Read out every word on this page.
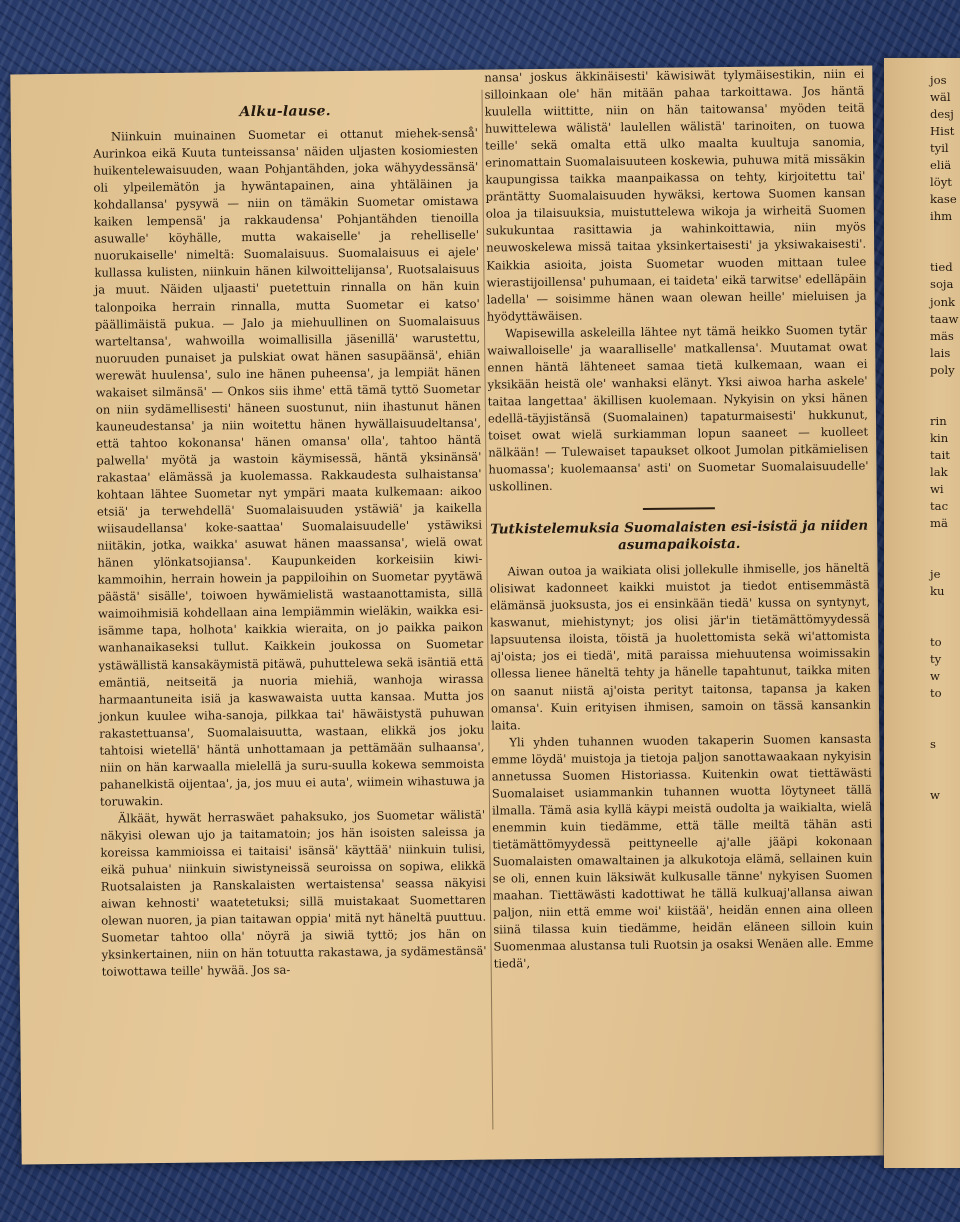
Alku-lause.

Niinkuin muinainen Suometar ei ottanut miehek-senså' Aurinkoa eikä Kuuta tunteissansa' näiden uljasten kosiomiesten huikentelewaisuuden, waan Pohjantähden, joka wähyydessänsä' oli ylpeilemätön ja hywäntapainen, aina yhtäläinen ja kohdallansa' pysywä — niin on tämäkin Suometar omistawa kaiken lempensä' ja rakkaudensa' Pohjantähden tienoilla asuwalle' köyhälle, mutta wakaiselle' ja rehelliselle' nuorukaiselle' nimeltä: Suomalaisuus. Suomalaisuus ei ajele' kullassa kulisten, niinkuin hänen kilwoittelijansa', Ruotsalaisuus ja muut. Näiden uljaasti' puetettuin rinnalla on hän kuin talonpoika herrain rinnalla, mutta Suometar ei katso' päällimäistä pukua. — Jalo ja miehuullinen on Suomalaisuus warteltansa', wahwoilla woimallisilla jäsenillä' warustettu, nuoruuden punaiset ja pulskiat owat hänen sasupäänsä', ehiän werewät huulensa', sulo ine hänen puheensa', ja lempiät hänen wakaiset silmänsä' — Onkos siis ihme' että tämä tyttö Suometar on niin sydämellisesti' häneen suostunut, niin ihastunut hänen kauneudestansa' ja niin woitettu hänen hywällaisuudeltansa', että tahtoo kokonansa' hänen omansa' olla', tahtoo häntä palwella' myötä ja wastoin käymisessä, häntä yksinänsä' rakastaa' elämässä ja kuolemassa. Rakkaudesta sulhaistansa' kohtaan lähtee Suometar nyt ympäri maata kulkemaan: aikoo etsiä' ja terwehdellä' Suomalaisuuden ystäwiä' ja kaikella wiisaudellansa' koke-saattaa' Suomalaisuudelle' ystäwiksi niitäkin, jotka, waikka' asuwat hänen maassansa', wielä owat hänen ylönkatsojiansa'. Kaupunkeiden korkeisiin kiwi-kammoihin, herrain howein ja pappiloihin on Suometar pyytäwä päästä' sisälle', toiwoen hywämielistä wastaanottamista, sillä waimoihmisiä kohdellaan aina lempiämmin wieläkin, waikka esi-isämme tapa, holhota' kaikkia wieraita, on jo paikka paikon wanhanaikaseksi tullut. Kaikkein joukossa on Suometar ystäwällistä kansakäymistä pitäwä, puhuttelewa sekä isäntiä että emäntiä, neitseitä ja nuoria miehiä, wanhoja wirassa harmaantuneita isiä ja kaswawaista uutta kansaa. Mutta jos jonkun kuulee wiha-sanoja, pilkkaa tai' häwäistystä puhuwan rakastettuansa', Suomalaisuutta, wastaan, elikkä jos joku tahtoisi wietellä' häntä unhottamaan ja pettämään sulhaansa', niin on hän karwaalla mielellä ja suru-suulla kokewa semmoista pahanelkistä oijentaa', ja, jos muu ei auta', wiimein wihastuwa ja toruwakin.

Älkäät, hywät herraswäet pahaksuko, jos Suometar wälistä' näkyisi olewan ujo ja taitamatoin; jos hän isoisten saleissa ja koreissa kammioissa ei taitaisi' isänsä' käyttää' niinkuin tulisi, eikä puhua' niinkuin siwistyneissä seuroissa on sopiwa, elikkä Ruotsalaisten ja Ranskalaisten wertaistensa' seassa näkyisi aiwan kehnosti' waatetetuksi; sillä muistakaat Suomettaren olewan nuoren, ja pian taitawan oppia' mitä nyt häneltä puuttuu. Suometar tahtoo olla' nöyrä ja siwiä tyttö; jos hän on yksinkertainen, niin on hän totuutta rakastawa, ja sydämestänsä' toiwottawa teille' hywää. Jos sa-

nansa' joskus äkkinäisesti' käwisiwät tylymäisestikin, niin ei silloinkaan ole' hän mitään pahaa tarkoittawa. Jos häntä kuulella wiittitte, niin on hän taitowansa' myöden teitä huwittelewa wälistä' laulellen wälistä' tarinoiten, on tuowa teille' sekä omalta että ulko maalta kuultuja sanomia, erinomattain Suomalaisuuteen koskewia, puhuwa mitä missäkin kaupungissa taikka maanpaikassa on tehty, kirjoitettu tai' präntätty Suomalaisuuden hywäksi, kertowa Suomen kansan oloa ja tilaisuuksia, muistuttelewa wikoja ja wirheitä Suomen sukukuntaa rasittawia ja wahinkoittawia, niin myös neuwoskelewa missä taitaa yksinkertaisesti' ja yksiwakaisesti'. Kaikkia asioita, joista Suometar wuoden mittaan tulee wierastijoillensa' puhumaan, ei taideta' eikä tarwitse' edelläpäin ladella' — soisimme hänen waan olewan heille' mieluisen ja hyödyttäwäisen.

Wapisewilla askeleilla lähtee nyt tämä heikko Suomen tytär waiwalloiselle' ja waaralliselle' matkallensa'. Muutamat owat ennen häntä lähteneet samaa tietä kulkemaan, waan ei yksikään heistä ole' wanhaksi elänyt. Yksi aiwoa harha askele' taitaa langettaa' äkillisen kuolemaan. Nykyisin on yksi hänen edellä-täyjistänsä (Suomalainen) tapaturmaisesti' hukkunut, toiset owat wielä surkiamman lopun saaneet — kuolleet nälkään! — Tulewaiset tapaukset olkoot Jumolan pitkämielisen huomassa'; kuolemaansa' asti' on Suometar Suomalaisuudelle' uskollinen.

Tutkistelemuksia Suomalaisten esi-isistä ja niiden asumapaikoista.

Aiwan outoa ja waikiata olisi jollekulle ihmiselle, jos häneltä olisiwat kadonneet kaikki muistot ja tiedot entisemmästä elämänsä juoksusta, jos ei ensinkään tiedä' kussa on syntynyt, kaswanut, miehistynyt; jos olisi jär'in tietämättömyydessä lapsuutensa iloista, töistä ja huolettomista sekä wi'attomista aj'oista; jos ei tiedä', mitä paraissa miehuutensa woimissakin ollessa lienee häneltä tehty ja hänelle tapahtunut, taikka miten on saanut niistä aj'oista perityt taitonsa, tapansa ja kaken omansa'. Kuin erityisen ihmisen, samoin on tässä kansankin laita.

Yli yhden tuhannen wuoden takaperin Suomen kansasta emme löydä' muistoja ja tietoja paljon sanottawaakaan nykyisin annetussa Suomen Historiassa. Kuitenkin owat tiettäwästi Suomalaiset usiammankin tuhannen wuotta löytyneet tällä ilmalla. Tämä asia kyllä käypi meistä oudolta ja waikialta, wielä enemmin kuin tiedämme, että tälle meiltä tähän asti tietämättömyydessä peittyneelle aj'alle jääpi kokonaan Suomalaisten omawaltainen ja alkukotoja elämä, sellainen kuin se oli, ennen kuin läksiwät kulkusalle tänne' nykyisen Suomen maahan. Tiettäwästi kadottiwat he tällä kulkuaj'allansa aiwan paljon, niin että emme woi' kiistää', heidän ennen aina olleen siinä tilassa kuin tiedämme, heidän eläneen silloin kuin Suomenmaa alustansa tuli Ruotsin ja osaksi Wenäen alle. Emme tiedä',

jos
wäl
desj
Hist
tyil
eliä
löyt
kase
ihm
tied
soja
jonk
taaw
mäs
lais
poly
rin
kin
tait
lak
wi
tac
mä
je
ku
to
ty
w
to
s
w
